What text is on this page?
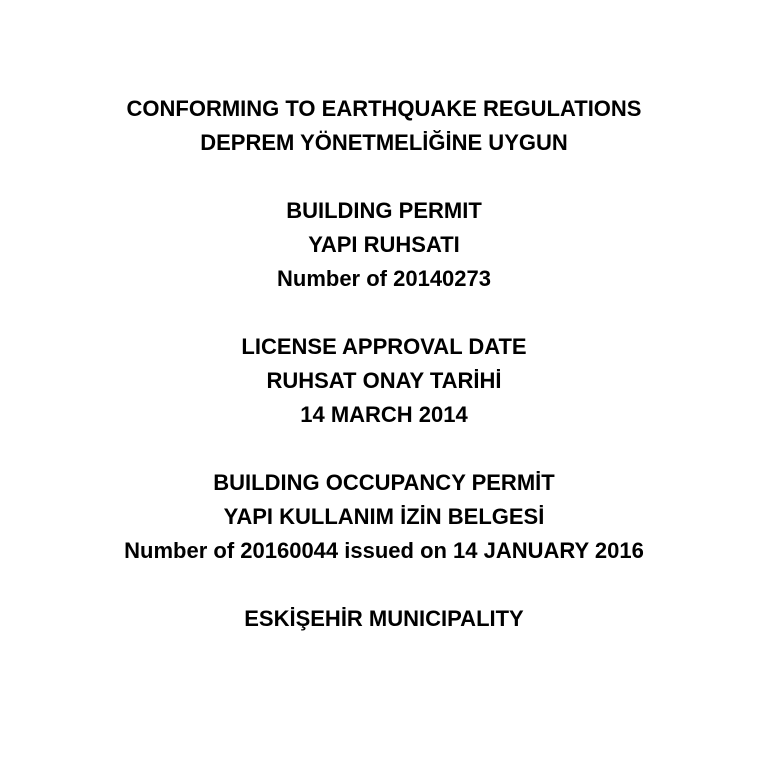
CONFORMING TO EARTHQUAKE REGULATIONS
DEPREM YÖNETMELİĞİNE UYGUN
BUILDING PERMIT
YAPI RUHSATI
Number of 20140273
LICENSE APPROVAL DATE
RUHSAT ONAY TARİHİ
14 MARCH 2014
BUILDING OCCUPANCY PERMİT
YAPI KULLANIM İZİN BELGESİ
Number of 20160044 issued on 14 JANUARY 2016
ESKİŞEHİR MUNICIPALITY
